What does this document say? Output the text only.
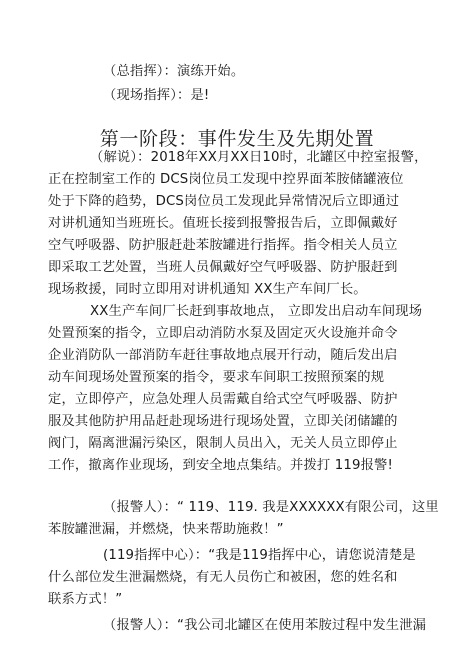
（总指挥）：演练开始。
（现场指挥）：是!
第一阶段：事件发生及先期处置
（解说）：2018年XX月XX日10时，北罐区中控室报警，
正在控制室工作的 DCS岗位员工发现中控界面苯胺储罐液位
处于下降的趋势，DCS岗位员工发现此异常情况后立即通过
对讲机通知当班班长。值班长接到报警报告后，立即佩戴好
空气呼吸器、防护服赶赴苯胺罐进行指挥。指令相关人员立
即采取工艺处置，当班人员佩戴好空气呼吸器、防护服赶到
现场救援，同时立即用对讲机通知 XX生产车间厂长。
XX生产车间厂长赶到事故地点， 立即发出启动车间现场
处置预案的指令，立即启动消防水泵及固定灭火设施并命令
企业消防队一部消防车赶往事故地点展开行动，随后发出启
动车间现场处置预案的指令，要求车间职工按照预案的规
定，立即停产，应急处理人员需戴自给式空气呼吸器、防护
服及其他防护用品赶赴现场进行现场处置，立即关闭储罐的
阀门，隔离泄漏污染区，限制人员出入，无关人员立即停止
工作，撤离作业现场，到安全地点集结。并拨打 119报警!
（报警人）：“ 119、119. 我是XXXXXX有限公司，这里
苯胺罐泄漏，并燃烧，快来帮助施救！”
(119指挥中心）：“我是119指挥中心，请您说清楚是
什么部位发生泄漏燃烧，有无人员伤亡和被困，您的姓名和
联系方式！”
（报警人）：“我公司北罐区在使用苯胺过程中发生泄漏
